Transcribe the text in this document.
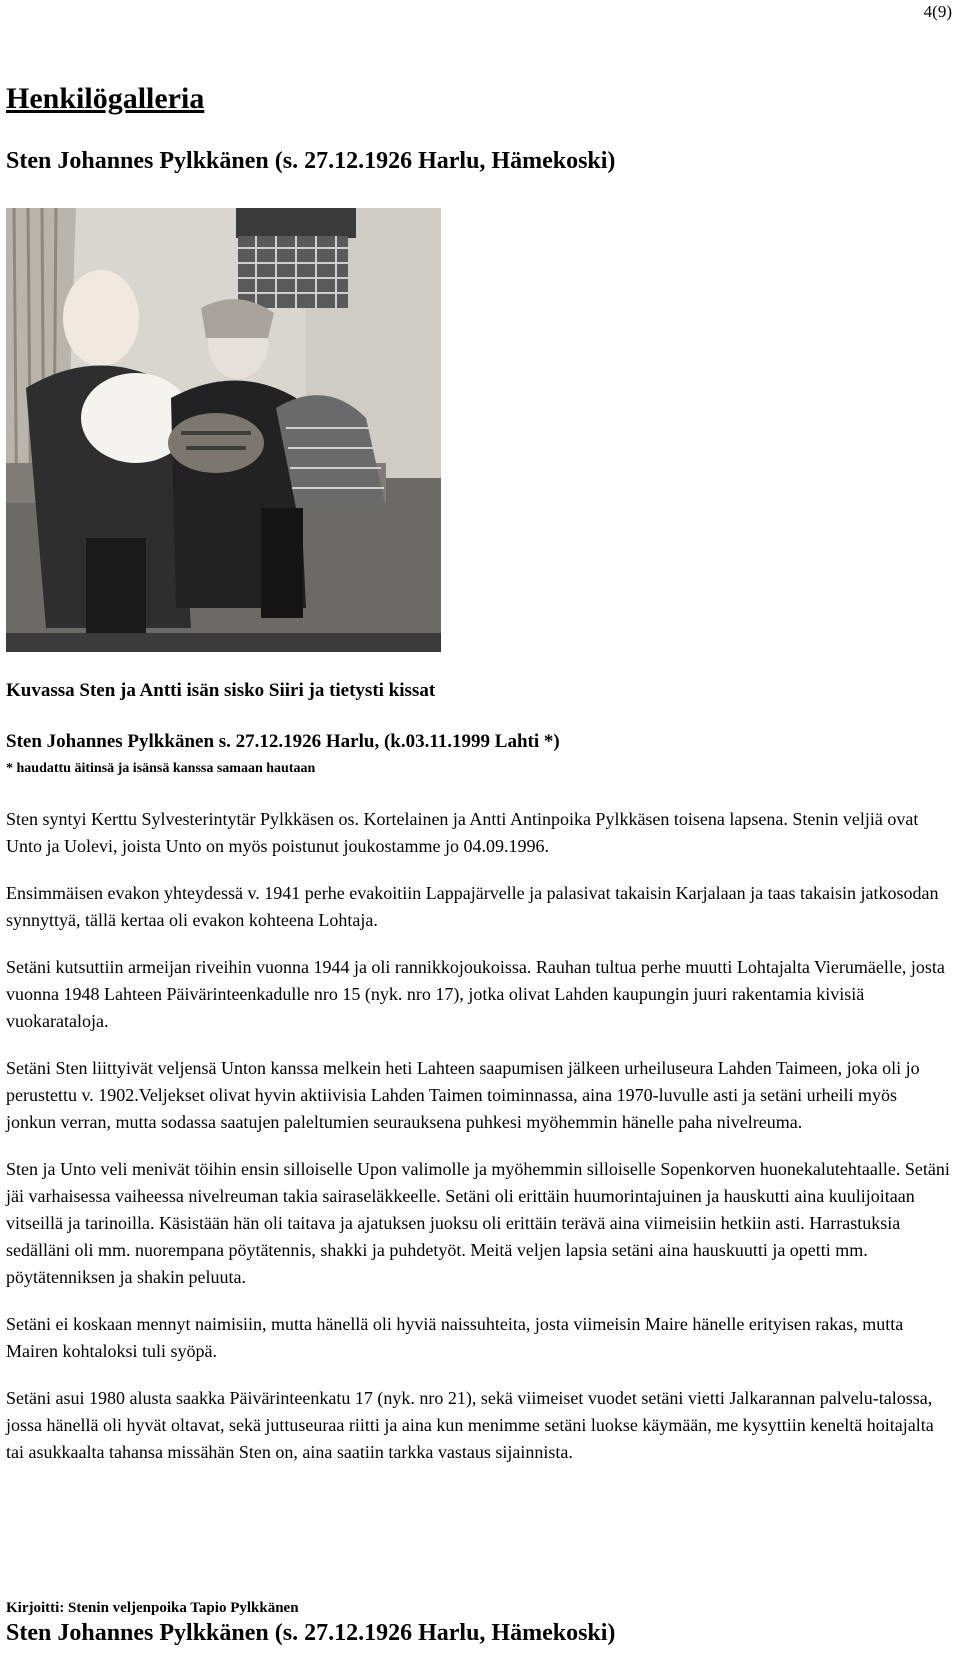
4(9)
Henkilögalleria
Sten Johannes Pylkkänen (s. 27.12.1926 Harlu, Hämekoski)
Kuvassa Sten ja Antti isän sisko Siiri ja tietysti kissat
Sten Johannes Pylkkänen s. 27.12.1926 Harlu, (k.03.11.1999 Lahti *)
* haudattu äitinsä ja isänsä kanssa samaan hautaan

Sten syntyi Kerttu Sylvesterintytär Pylkkäsen os. Kortelainen ja Antti Antinpoika Pylkkäsen toisena lapsena. Stenin veljiä ovat Unto ja Uolevi, joista Unto on myös poistunut joukostamme jo 04.09.1996.

Ensimmäisen evakon yhteydessä v. 1941 perhe evakoitiin Lappajärvelle ja palasivat takaisin Karjalaan ja taas takaisin jatkosodan synnyttyä, tällä kertaa oli evakon kohteena Lohtaja.

Setäni kutsuttiin armeijan riveihin vuonna 1944 ja oli rannikkojoukoissa. Rauhan tultua perhe muutti Lohtajalta Vierumäelle, josta vuonna 1948 Lahteen Päivärinteenkadulle nro 15 (nyk. nro 17), jotka olivat Lahden kaupungin juuri rakentamia kivisiä vuokarataloja.

Setäni Sten liittyivät veljensä Unton kanssa melkein heti Lahteen saapumisen jälkeen urheiluseura Lahden Taimeen, joka oli jo perustettu v. 1902.Veljekset olivat hyvin aktiivisia Lahden Taimen toiminnassa, aina 1970-luvulle asti ja setäni urheili myös jonkun verran, mutta sodassa saatujen paleltumien seurauksena puhkesi myöhemmin hänelle paha nivelreuma.

Sten ja Unto veli menivät töihin ensin silloiselle Upon valimolle ja myöhemmin silloiselle Sopenkorven huonekalutehtaalle. Setäni jäi varhaisessa vaiheessa nivelreuman takia sairaseläkkeelle. Setäni oli erittäin huumorintajuinen ja hauskutti aina kuulijoitaan vitseillä ja tarinoilla. Käsistään hän oli taitava ja ajatuksen juoksu oli erittäin terävä aina viimeisiin hetkiin asti. Harrastuksia sedälläni oli mm. nuorempana pöytätennis, shakki ja puhdetyöt. Meitä veljen lapsia setäni aina hauskuutti ja opetti mm. pöytätenniksen ja shakin peluuta.

Setäni ei koskaan mennyt naimisiin, mutta hänellä oli hyviä naissuhteita, josta viimeisin Maire hänelle erityisen rakas, mutta Mairen kohtaloksi tuli syöpä.

Setäni asui 1980 alusta saakka Päivärinteenkatu 17 (nyk. nro 21), sekä viimeiset vuodet setäni vietti Jalkarannan palvelu-talossa, jossa hänellä oli hyvät oltavat, sekä juttuseuraa riitti ja aina kun menimme setäni luokse käymään, me kysyttiin keneltä hoitajalta tai asukkaalta tahansa missähän Sten on, aina saatiin tarkka vastaus sijainnista.

Kirjoitti: Stenin veljenpoika Tapio Pylkkänen
Sten Johannes Pylkkänen (s. 27.12.1926 Harlu, Hämekoski)
